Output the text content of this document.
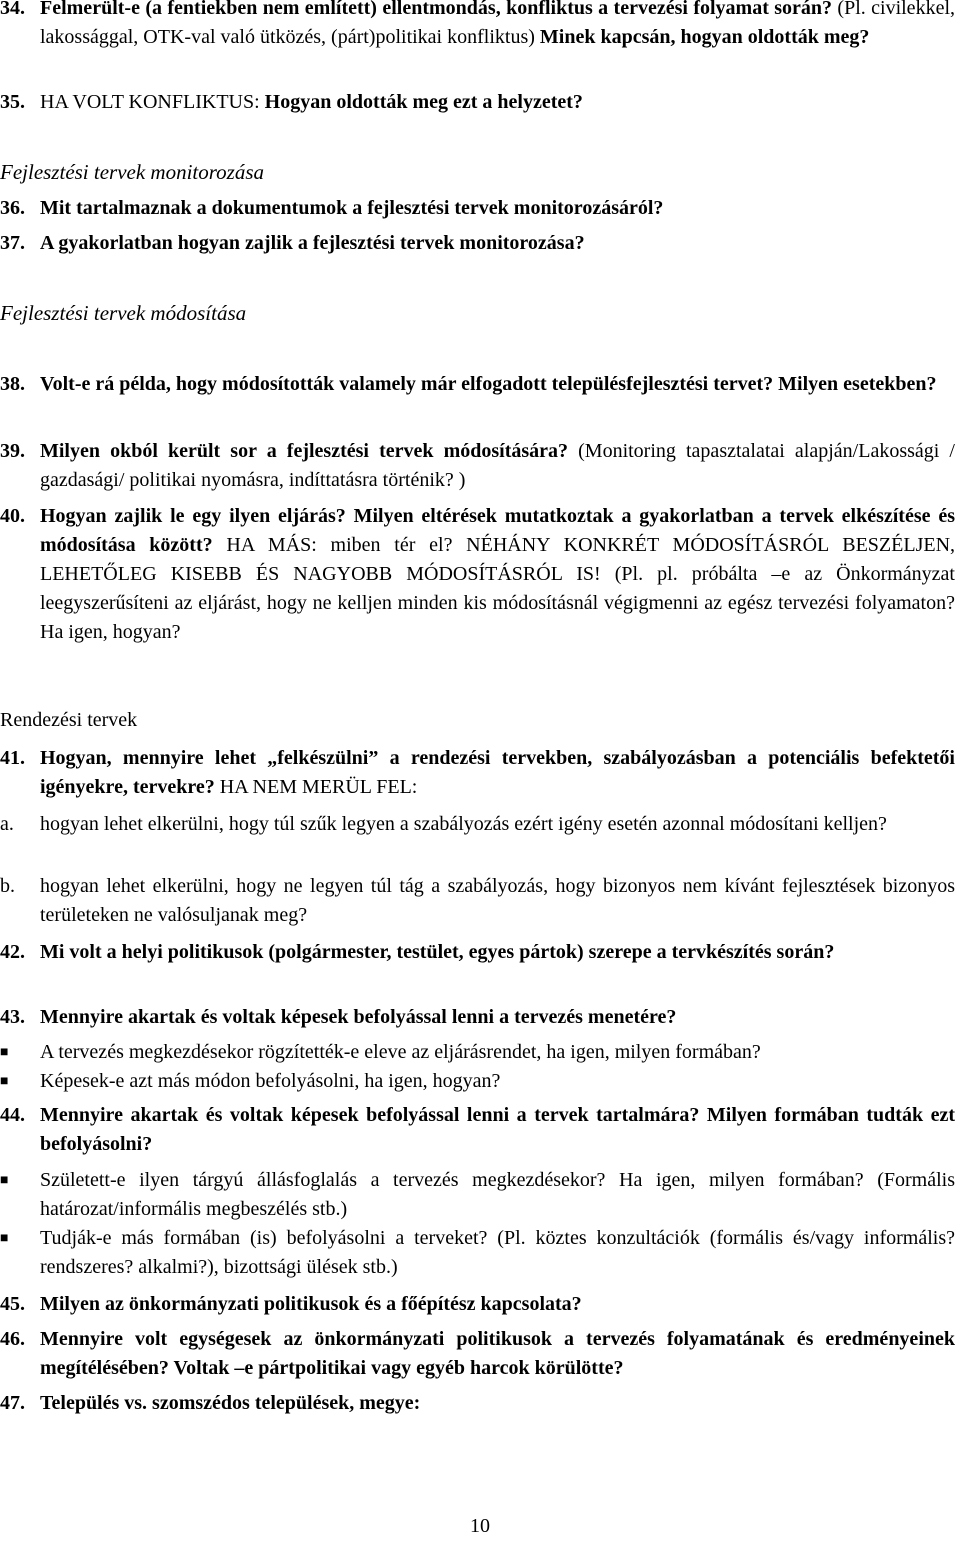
34. Felmerült-e (a fentiekben nem említett) ellentmondás, konfliktus a tervezési folyamat során? (Pl. civilekkel, lakossággal, OTK-val való ütközés, (párt)politikai konfliktus) Minek kapcsán, hogyan oldották meg?
35. HA VOLT KONFLIKTUS: Hogyan oldották meg ezt a helyzetet?
Fejlesztési tervek monitorozása
36. Mit tartalmaznak a dokumentumok a fejlesztési tervek monitorozásáról?
37. A gyakorlatban hogyan zajlik a fejlesztési tervek monitorozása?
Fejlesztési tervek módosítása
38. Volt-e rá példa, hogy módosították valamely már elfogadott településfejlesztési tervet? Milyen esetekben?
39. Milyen okból került sor a fejlesztési tervek módosítására? (Monitoring tapasztalatai alapján/Lakossági / gazdasági/ politikai nyomásra, indíttatásra történik? )
40. Hogyan zajlik le egy ilyen eljárás? Milyen eltérések mutatkoztak a gyakorlatban a tervek elkészítése és módosítása között? HA MÁS: miben tér el? NÉHÁNY KONKRÉT MÓDOSÍTÁSRÓL BESZÉLJEN, LEHETŐLEG KISEBB ÉS NAGYOBB MÓDOSÍTÁSRÓL IS! (Pl. pl. próbálta –e az Önkormányzat leegyszerűsíteni az eljárást, hogy ne kelljen minden kis módosításnál végigmenni az egész tervezési folyamaton? Ha igen, hogyan?
Rendezési tervek
41. Hogyan, mennyire lehet „felkészülni” a rendezési tervekben, szabályozásban a potenciális befektetői igényekre, tervekre? HA NEM MERÜL FEL:
a.	hogyan lehet elkerülni, hogy túl szűk legyen a szabályozás ezért igény esetén azonnal módosítani kelljen?
b.	hogyan lehet elkerülni, hogy ne legyen túl tág a szabályozás, hogy bizonyos nem kívánt fejlesztések bizonyos területeken ne valósuljanak meg?
42. Mi volt a helyi politikusok (polgármester, testület, egyes pártok) szerepe a tervkészítés során?
43. Mennyire akartak és voltak képesek befolyással lenni a tervezés menetére?
■	A tervezés megkezdésekor rögzítették-e eleve az eljárásrendet, ha igen, milyen formában?
■	Képesek-e azt más módon befolyásolni, ha igen, hogyan?
44. Mennyire akartak és voltak képesek befolyással lenni a tervek tartalmára? Milyen formában tudták ezt befolyásolni?
■	Született-e ilyen tárgyú állásfoglalás a tervezés megkezdésekor? Ha igen, milyen formában? (Formális határozat/informális megbeszélés stb.)
■	Tudják-e más formában (is) befolyásolni a terveket? (Pl. köztes konzultációk (formális és/vagy informális? rendszeres? alkalmi?), bizottsági ülések stb.)
45. Milyen az önkormányzati politikusok és a főépítész kapcsolata?
46. Mennyire volt egységesek az önkormányzati politikusok a tervezés folyamatának és eredményeinek megítélésében? Voltak –e pártpolitikai vagy egyéb harcok körülötte?
47. Település vs. szomszédos települések, megye:
10
